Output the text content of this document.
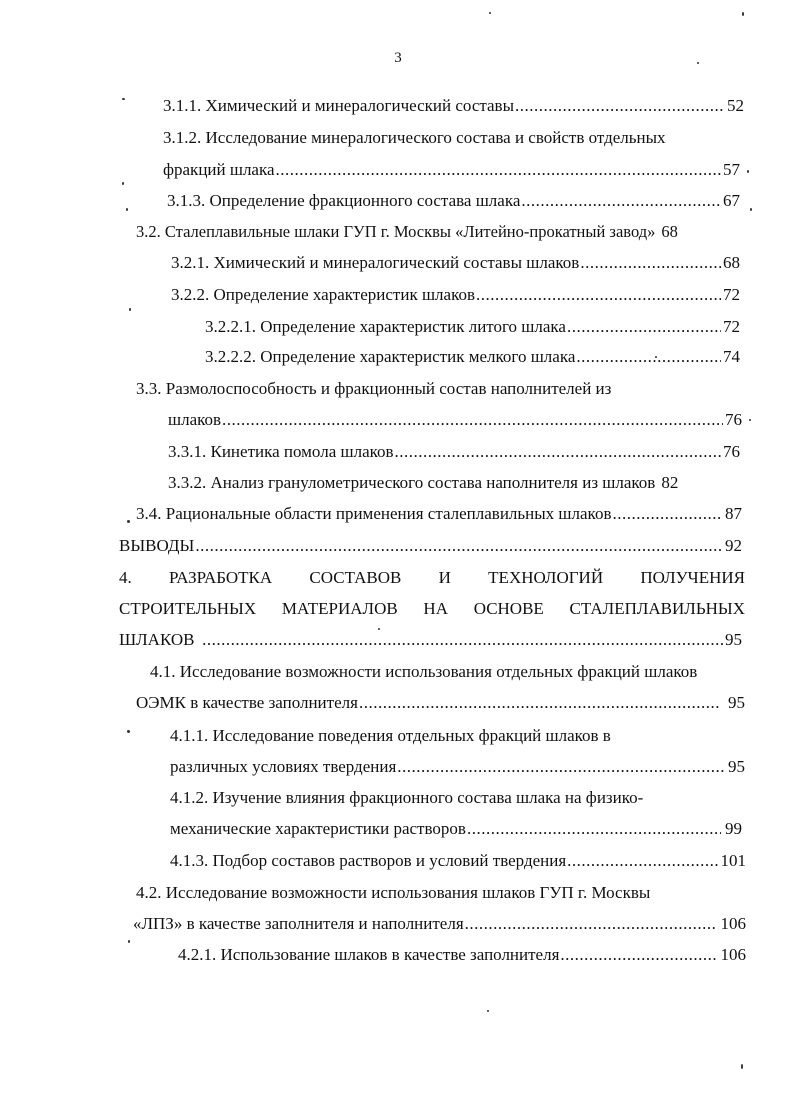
3
3.1.1. Химический и минералогический составы .....	52
3.1.2. Исследование минералогического состава и свойств отдельных
фракций шлака .....	57
3.1.3. Определение фракционного состава шлака .....	67
3.2. Сталеплавильные шлаки ГУП г. Москвы «Литейно-прокатный завод» 68
3.2.1. Химический и минералогический составы шлаков .....	68
3.2.2. Определение характеристик шлаков .....	72
3.2.2.1. Определение характеристик литого шлака .....	72
3.2.2.2. Определение характеристик мелкого шлака .....	74
3.3. Размолоспособность и фракционный состав наполнителей из
шлаков .....	76
3.3.1. Кинетика помола шлаков .....	76
3.3.2. Анализ гранулометрического состава наполнителя из шлаков 82
3.4. Рациональные области применения сталеплавильных шлаков .....	87
ВЫВОДЫ .....	92
4. РАЗРАБОТКА СОСТАВОВ И ТЕХНОЛОГИЙ ПОЛУЧЕНИЯ
СТРОИТЕЛЬНЫХ МАТЕРИАЛОВ НА ОСНОВЕ СТАЛЕПЛАВИЛЬНЫХ
ШЛАКОВ .....	95
4.1. Исследование возможности использования отдельных фракций шлаков
ОЭМК в качестве заполнителя .....	95
4.1.1. Исследование поведения отдельных фракций шлаков в
различных условиях твердения .....	95
4.1.2. Изучение влияния фракционного состава шлака на физико-
механические характеристики растворов .....	99
4.1.3. Подбор составов растворов и условий твердения .....	101
4.2. Исследование возможности использования шлаков ГУП г. Москвы
«ЛПЗ» в качестве заполнителя и наполнителя .....	106
4.2.1. Использование шлаков в качестве заполнителя .....	106
